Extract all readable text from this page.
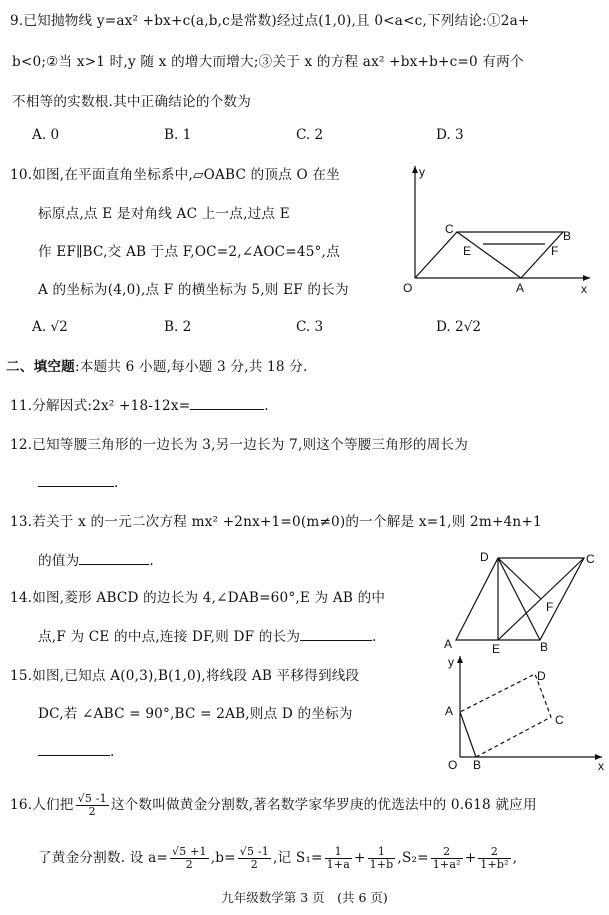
9.已知抛物线 y=ax² +bx+c(a,b,c是常数)经过点(1,0),且 0<a<c,下列结论:①2a+
b<0;②当 x>1 时,y 随 x 的增大而增大;③关于 x 的方程 ax² +bx+b+c=0 有两个
不相等的实数根.其中正确结论的个数为
A. 0	B. 1	C. 2	D. 3
10.如图,在平面直角坐标系中,▱OABC 的顶点 O 在坐
标原点,点 E 是对角线 AC 上一点,过点 E
作 EF∥BC,交 AB 于点 F,OC=2,∠AOC=45°,点
A 的坐标为(4,0),点 F 的横坐标为 5,则 EF 的长为
A. √2	B. 2	C. 3	D. 2√2
y
x
O	A
B
C
E	F
二、填空题:本题共 6 小题,每小题 3 分,共 18 分.
11.分解因式:2x² +18-12x=	.
12.已知等腰三角形的一边长为 3,另一边长为 7,则这个等腰三角形的周长为
.
13.若关于 x 的一元二次方程 mx² +2nx+1=0(m≠0)的一个解是 x=1,则 2m+4n+1
的值为	.
14.如图,菱形 ABCD 的边长为 4,∠DAB=60°,E 为 AB 的中
点,F 为 CE 的中点,连接 DF,则 DF 的长为	.	A	B
C
D
E
F
15.如图,已知点 A(0,3),B(1,0),将线段 AB 平移得到线段
DC,若 ∠ABC = 90°,BC = 2AB,则点 D 的坐标为
.
y
x
O
A
B
C
D
16.人们把 $\frac{√5 -1}{2}$ 这个数叫做黄金分割数,著名数学家华罗庚的优选法中的 0.618 就应用
了黄金分割数. 设 $a= \frac{√5 +1}{2} ,b= \frac{√5 -1}{2}$ ,记 $S_1= \frac{1}{1+a} + \frac{1}{1+b} ,S_2= \frac{2}{\text{1+a²}} + \frac{2}{\text{1+b²}}$ ,
九年级数学第 3 页　(共 6 页)
